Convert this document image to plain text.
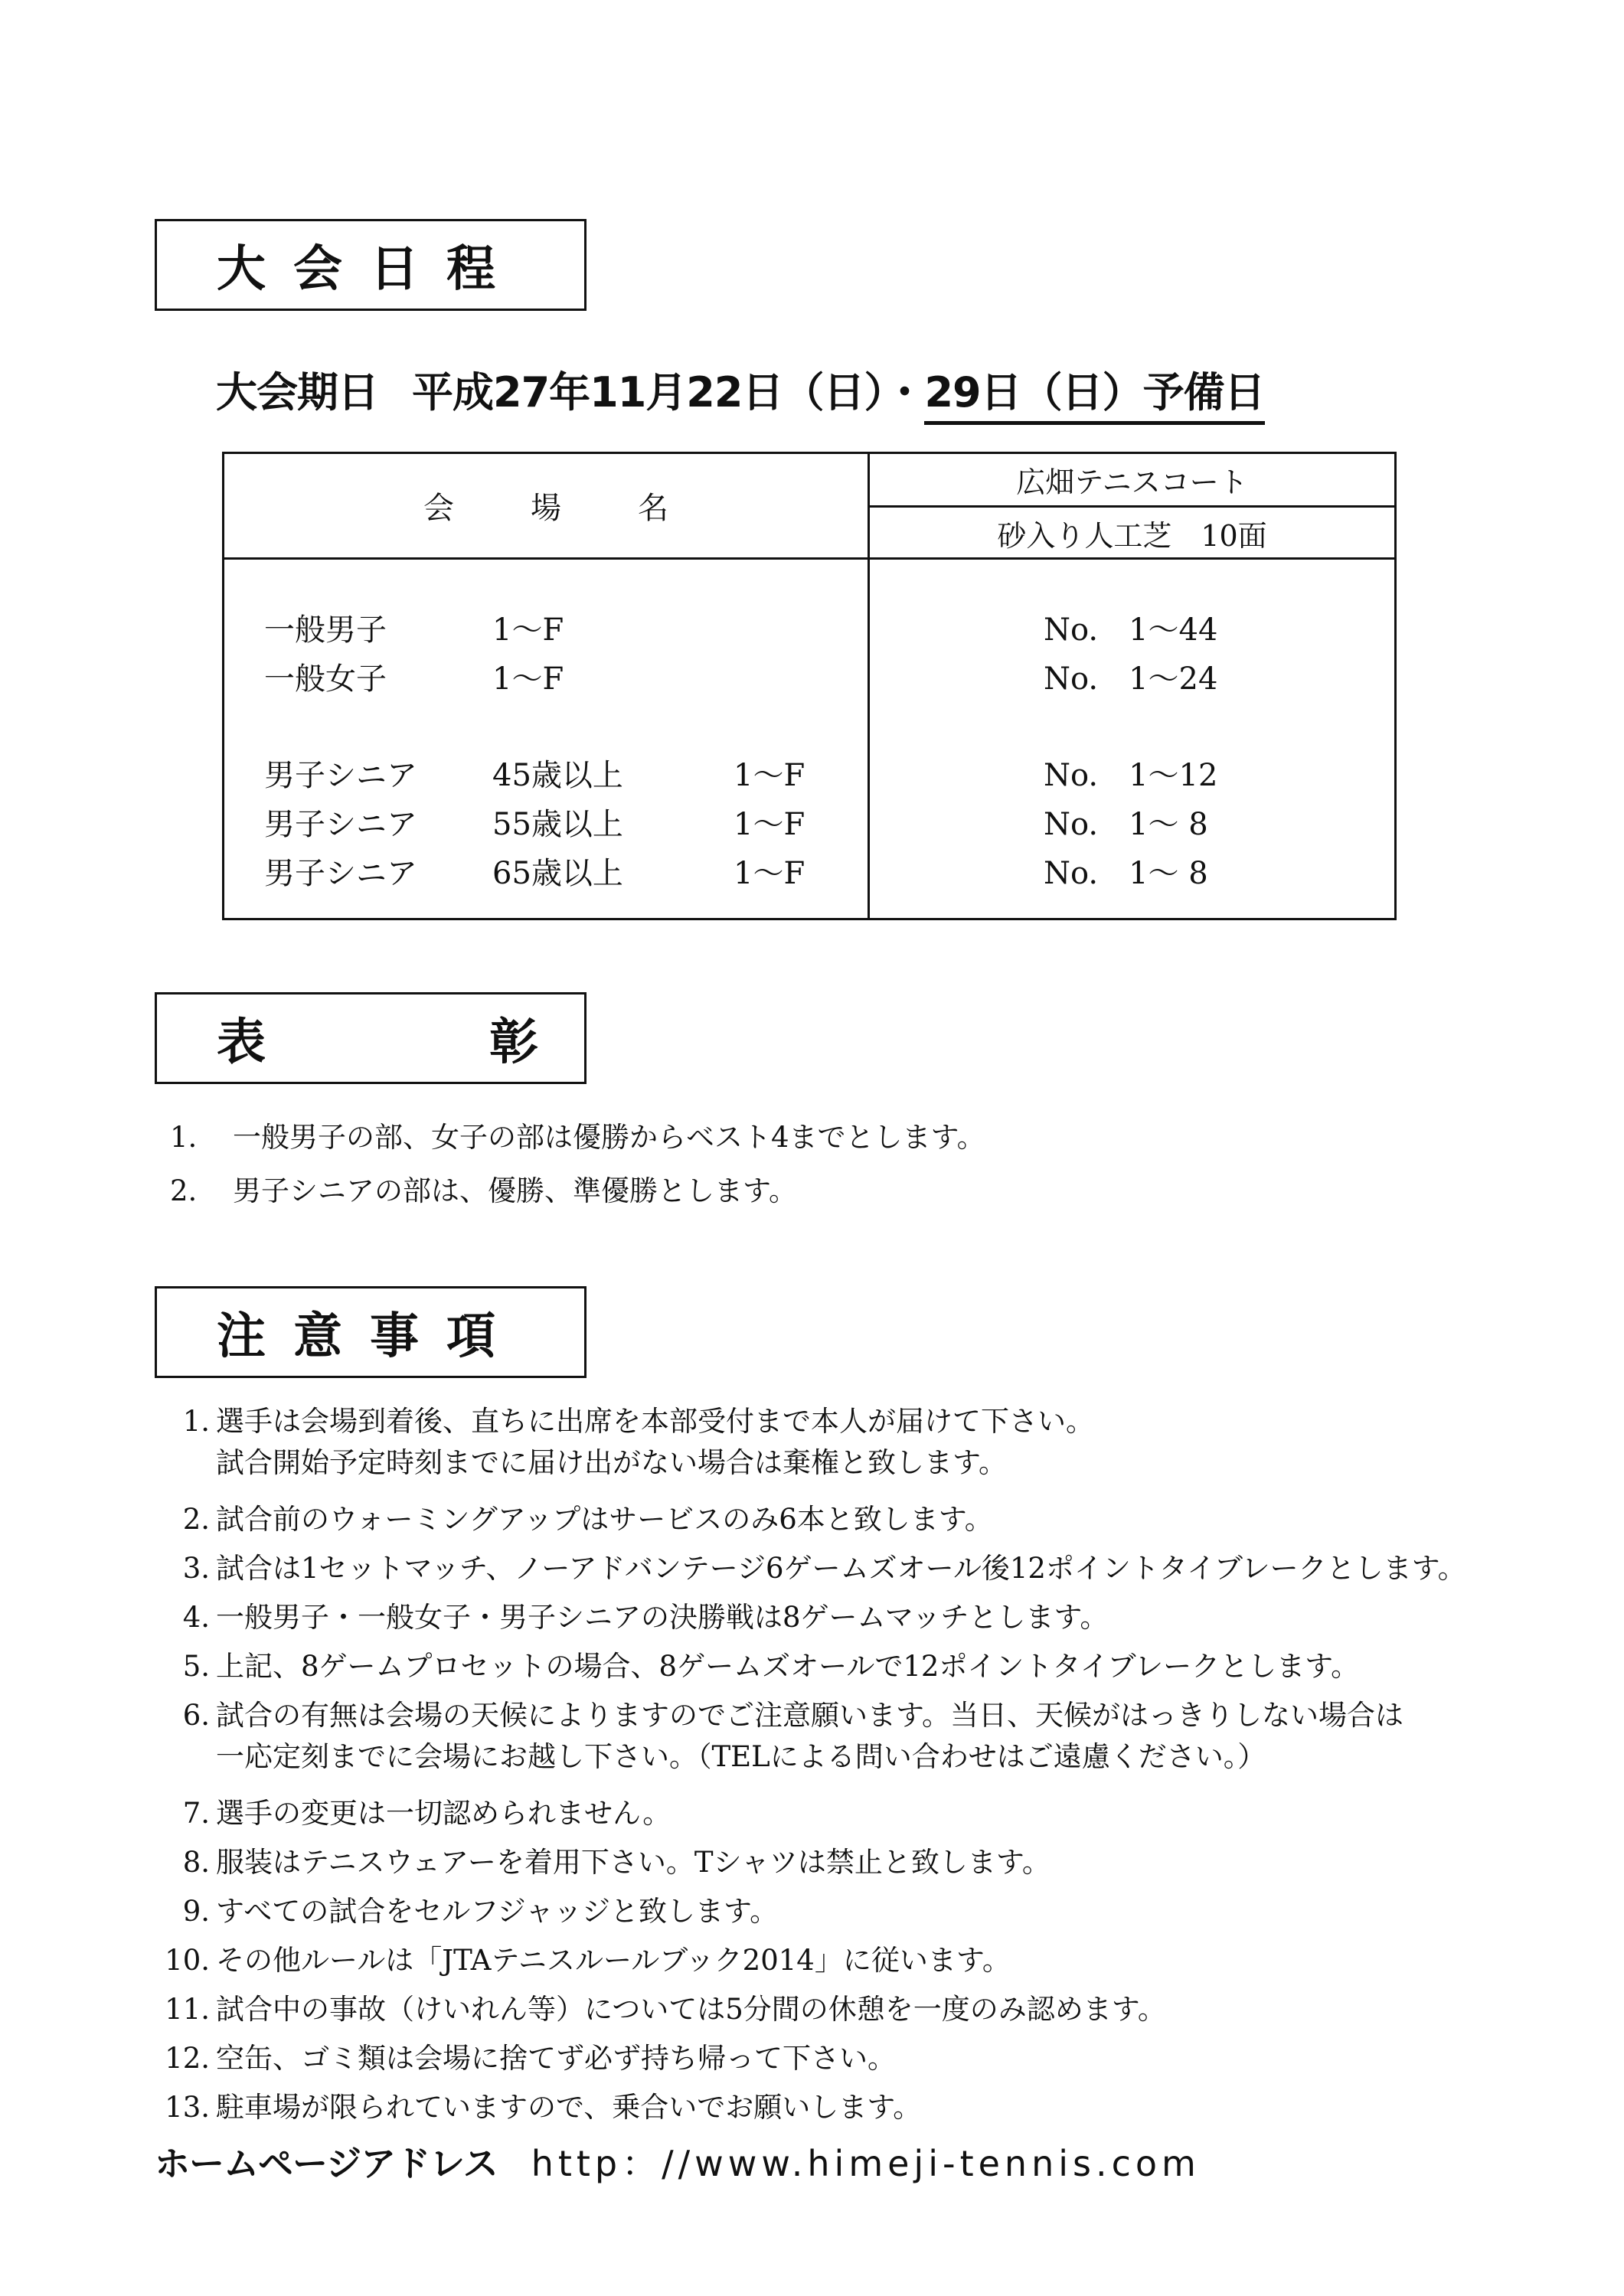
大会日程
大会期日 平成27年11月22日（日）・29日（日）予備日
会場名
広畑テニスコート
砂入り人工芝　10面
一般男子	1～F	No.　1～44
一般女子	1～F	No.　1～24
男子シニア 45歳以上	1～F	No.　1～12
男子シニア 55歳以上	1～F	No.　1～ 8
男子シニア 65歳以上	1～F	No.　1～ 8
表	彰
1. 一般男子の部、女子の部は優勝からベスト4までとします。
2. 男子シニアの部は、優勝、準優勝とします。
注意事項
1. 選手は会場到着後、直ちに出席を本部受付まで本人が届けて下さい。
試合開始予定時刻までに届け出がない場合は棄権と致します。
2. 試合前のウォーミングアップはサービスのみ6本と致します。
3. 試合は1セットマッチ、ノーアドバンテージ6ゲームズオール後12ポイントタイブレークとします。
4. 一般男子・一般女子・男子シニアの決勝戦は8ゲームマッチとします。
5. 上記、8ゲームプロセットの場合、8ゲームズオールで12ポイントタイブレークとします。
6. 試合の有無は会場の天候によりますのでご注意願います。当日、天候がはっきりしない場合は
一応定刻までに会場にお越し下さい。（TELによる問い合わせはご遠慮ください。）
7. 選手の変更は一切認められません。
8. 服装はテニスウェアーを着用下さい。Tシャツは禁止と致します。
9. すべての試合をセルフジャッジと致します。
10. その他ルールは「JTAテニスルールブック2014」に従います。
11. 試合中の事故（けいれん等）については5分間の休憩を一度のみ認めます。
12. 空缶、ゴミ類は会場に捨てず必ず持ち帰って下さい。
13. 駐車場が限られていますので、乗合いでお願いします。
ホームページアドレス http：//www.himeji-tennis.com
